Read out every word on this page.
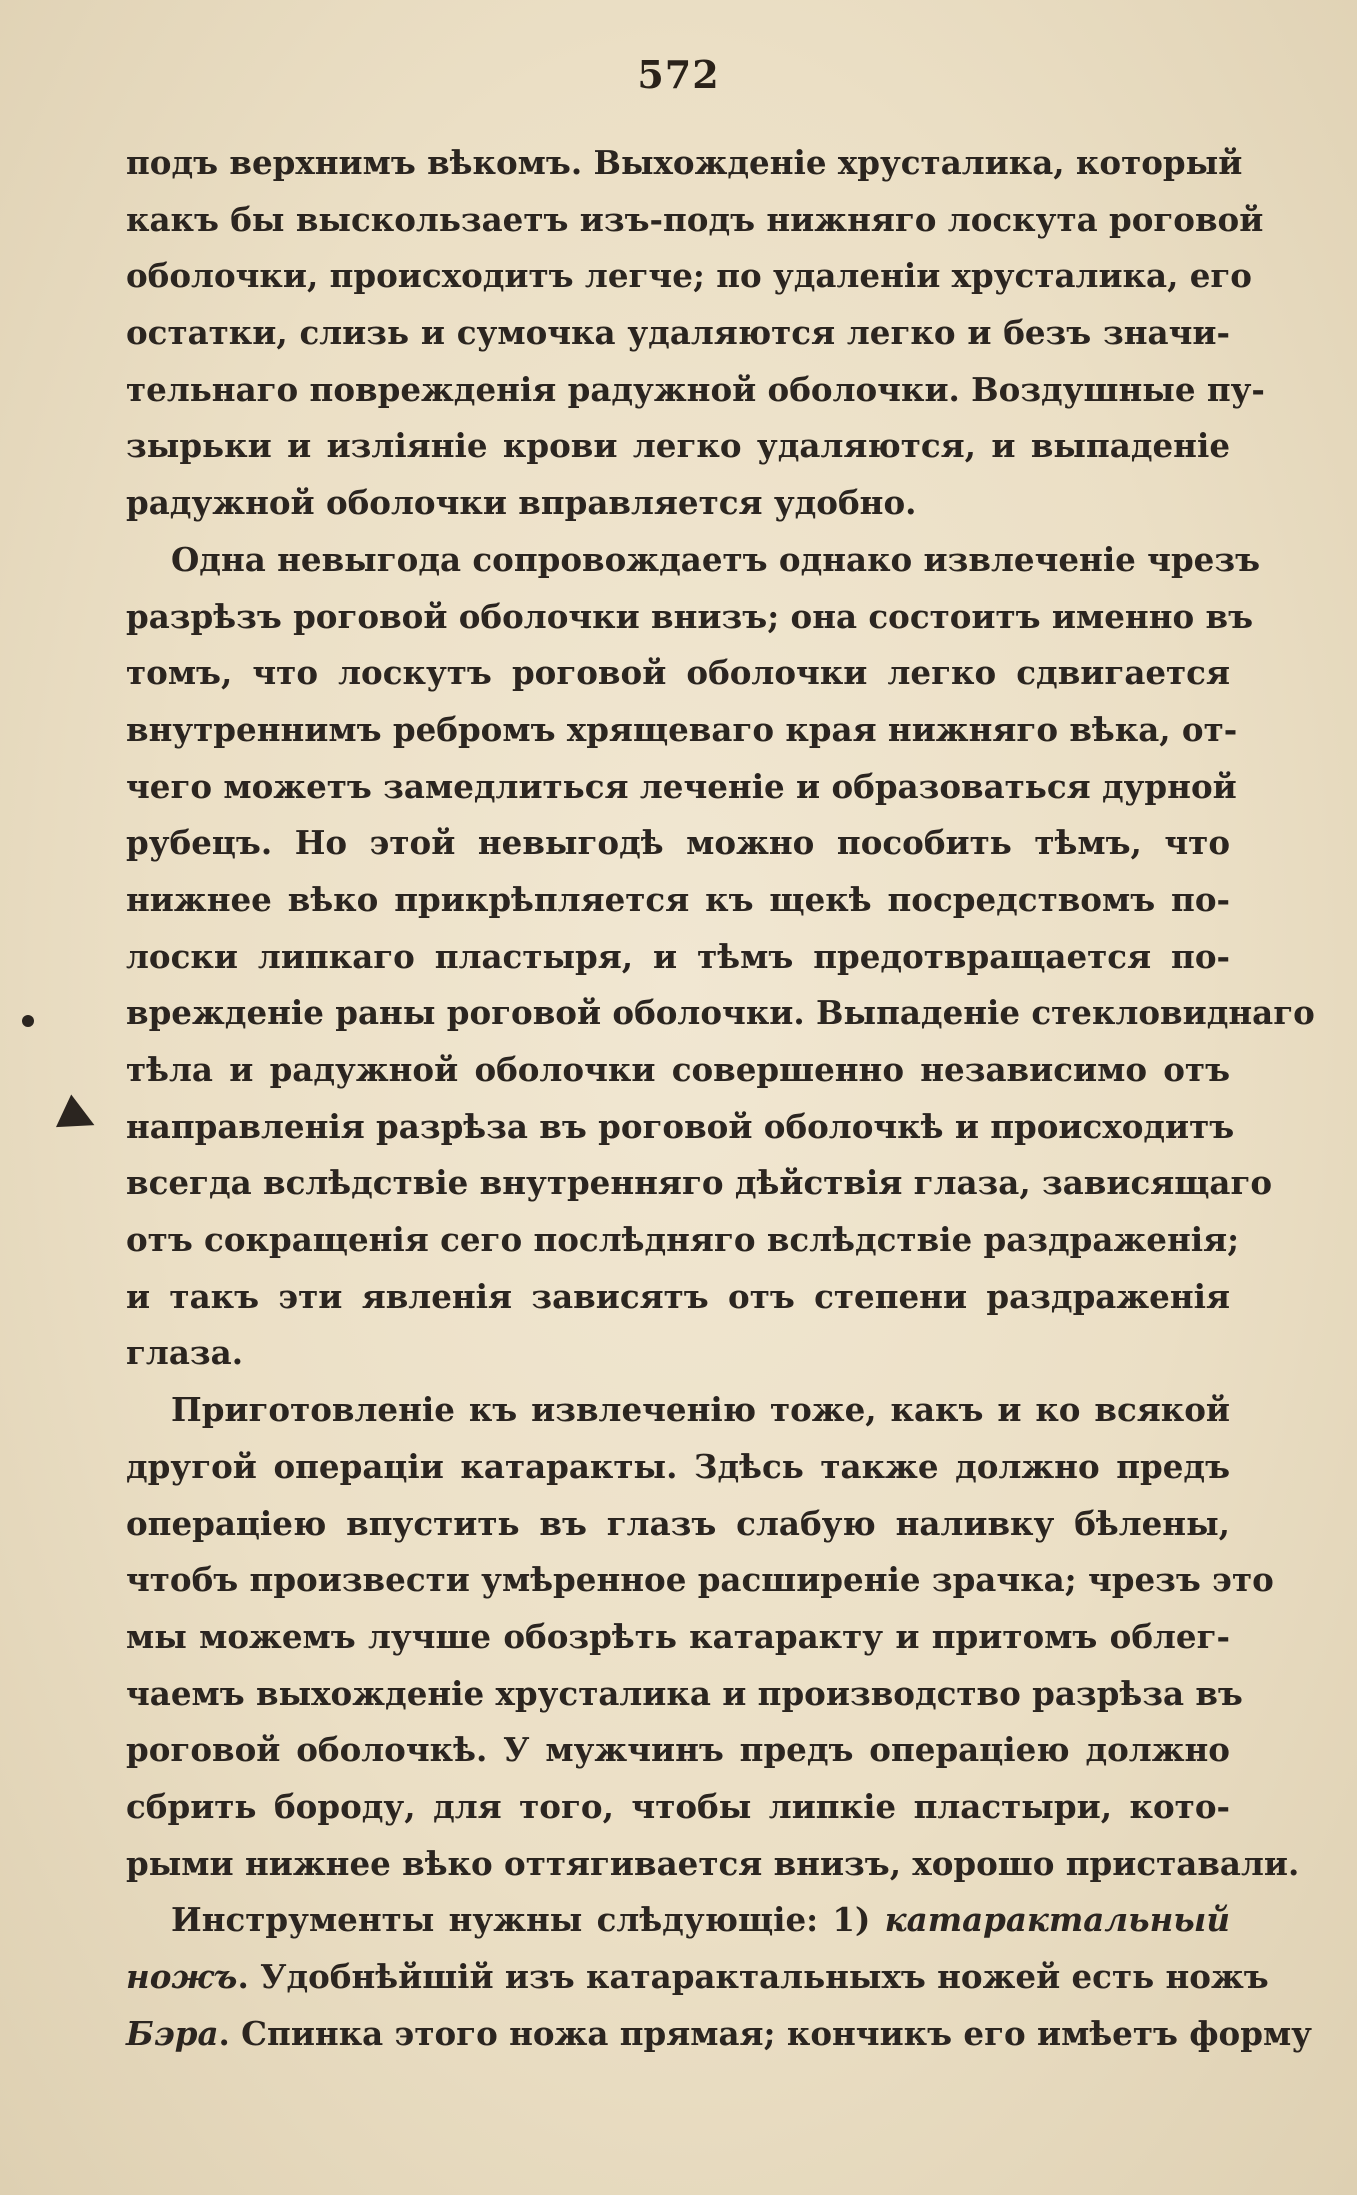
572
подъ верхнимъ вѣкомъ. Выхожденіе хрусталика, который
какъ бы выскользаетъ изъ-подъ нижняго лоскута роговой
оболочки, происходитъ легче; по удаленіи хрусталика, его
остатки, слизь и сумочка удаляются легко и безъ значи-
тельнаго поврежденія радужной оболочки. Воздушные пу-
зырьки и изліяніе крови легко удаляются, и выпаденіе
радужной оболочки вправляется удобно.
Одна невыгода сопровождаетъ однако извлеченіе чрезъ
разрѣзъ роговой оболочки внизъ; она состоитъ именно въ
томъ, что лоскутъ роговой оболочки легко сдвигается
внутреннимъ ребромъ хрящеваго края нижняго вѣка, от-
чего можетъ замедлиться леченіе и образоваться дурной
рубецъ. Но этой невыгодѣ можно пособить тѣмъ, что
нижнее вѣко прикрѣпляется къ щекѣ посредствомъ по-
лоски липкаго пластыря, и тѣмъ предотвращается по-
врежденіе раны роговой оболочки. Выпаденіе стекловиднаго
тѣла и радужной оболочки совершенно независимо отъ
направленія разрѣза въ роговой оболочкѣ и происходитъ
всегда вслѣдствіе внутренняго дѣйствія глаза, зависящаго
отъ сокращенія сего послѣдняго вслѣдствіе раздраженія;
и такъ эти явленія зависятъ отъ степени раздраженія
глаза.
Приготовленіе къ извлеченію тоже, какъ и ко всякой
другой операціи катаракты. Здѣсь также должно предъ
операціею впустить въ глазъ слабую наливку бѣлены,
чтобъ произвести умѣренное расширеніе зрачка; чрезъ это
мы можемъ лучше обозрѣть катаракту и притомъ облег-
чаемъ выхожденіе хрусталика и производство разрѣза въ
роговой оболочкѣ. У мужчинъ предъ операціею должно
сбрить бороду, для того, чтобы липкіе пластыри, кото-
рыми нижнее вѣко оттягивается внизъ, хорошо приставали.
Инструменты нужны слѣдующіе: 1) катарактальный
ножъ. Удобнѣйшій изъ катарактальныхъ ножей есть ножъ
Бэра. Спинка этого ножа прямая; кончикъ его имѣетъ форму
